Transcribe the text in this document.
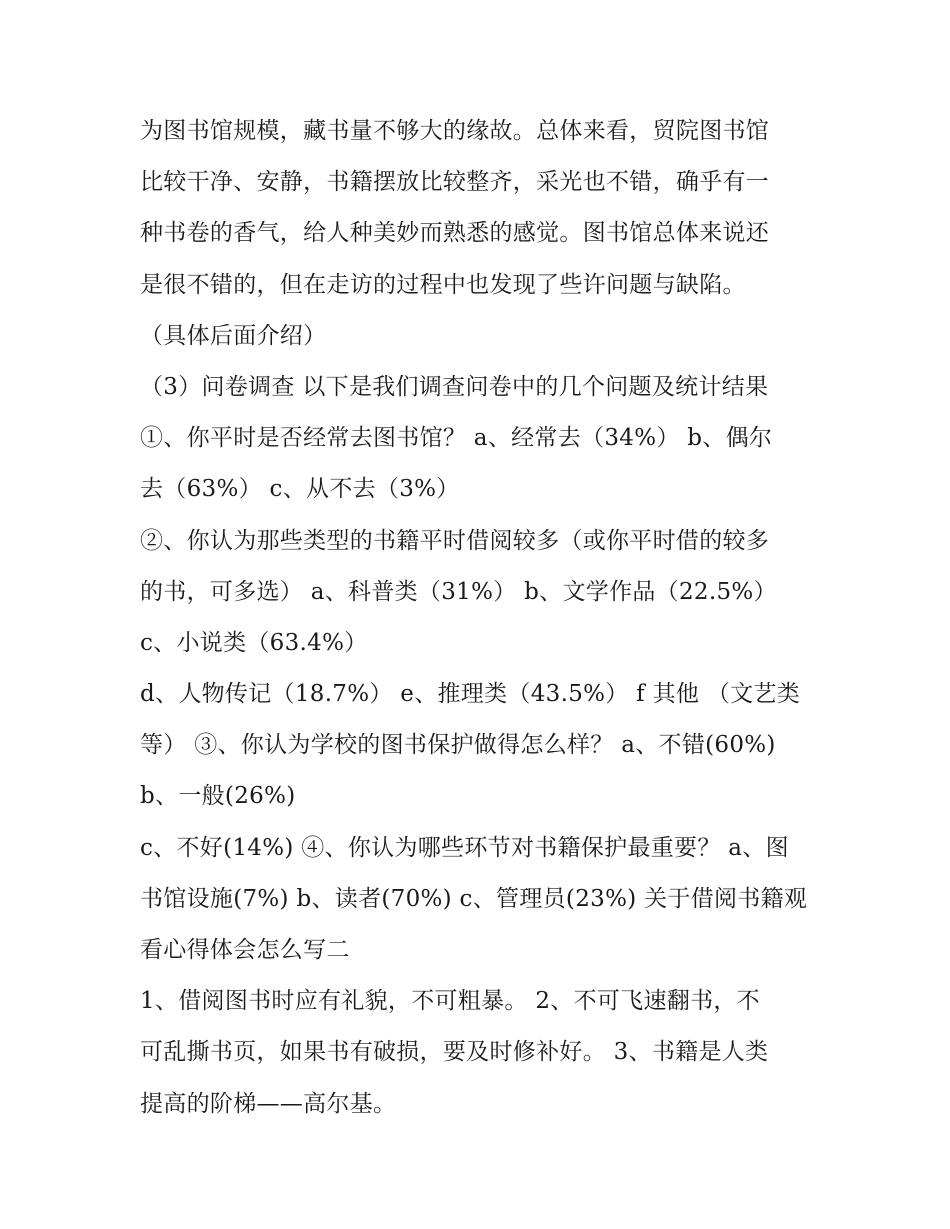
为图书馆规模，藏书量不够大的缘故。总体来看，贸院图书馆
比较干净、安静，书籍摆放比较整齐，采光也不错，确乎有一
种书卷的香气，给人种美妙而熟悉的感觉。图书馆总体来说还
是很不错的，但在走访的过程中也发现了些许问题与缺陷。
（具体后面介绍）
（3）问卷调查 以下是我们调查问卷中的几个问题及统计结果
①、你平时是否经常去图书馆？ a、经常去（34%） b、偶尔
去（63%） c、从不去（3%）
②、你认为那些类型的书籍平时借阅较多（或你平时借的较多
的书，可多选） a、科普类（31%） b、文学作品（22.5%）
c、小说类（63.4%）
d、人物传记（18.7%） e、推理类（43.5%） f 其他 （文艺类
等） ③、你认为学校的图书保护做得怎么样？ a、不错(60%)
b、一般(26%)
c、不好(14%) ④、你认为哪些环节对书籍保护最重要？ a、图
书馆设施(7%) b、读者(70%) c、管理员(23%) 关于借阅书籍观
看心得体会怎么写二
1、借阅图书时应有礼貌，不可粗暴。 2、不可飞速翻书，不
可乱撕书页，如果书有破损，要及时修补好。 3、书籍是人类
提高的阶梯——高尔基。
